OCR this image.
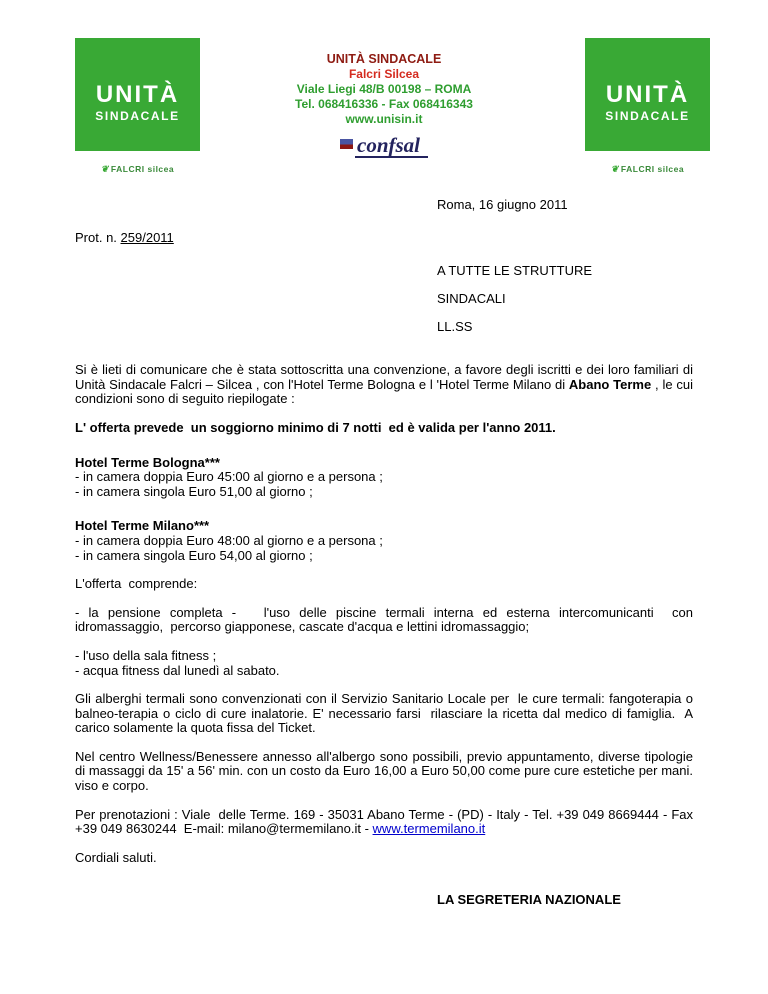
UNITÀ
SINDACALE
❦ FALCRI silcea
UNITÀ SINDACALE
Falcri Silcea
Viale Liegi 48/B 00198 – ROMA
Tel. 068416336 - Fax 068416343
www.unisin.it
confsal
UNITÀ
SINDACALE
❦ FALCRI silcea
Roma, 16 giugno 2011
Prot. n. 259/2011
A TUTTE LE STRUTTURE
SINDACALI
LL.SS

Si è lieti di comunicare che è stata sottoscritta una convenzione, a favore degli iscritti e dei loro familiari di Unità Sindacale Falcri – Silcea , con l'Hotel Terme Bologna e l 'Hotel Terme Milano di Abano Terme , le cui condizioni sono di seguito riepilogate :

L' offerta prevede  un soggiorno minimo di 7 notti  ed è valida per l'anno 2011.

Hotel Terme Bologna***
- in camera doppia Euro 45:00 al giorno e a persona ;
- in camera singola Euro 51,00 al giorno ;
Hotel Terme Milano***
- in camera doppia Euro 48:00 al giorno e a persona ;
- in camera singola Euro 54,00 al giorno ;

L'offerta  comprende:

- la pensione completa -   l'uso delle piscine termali interna ed esterna intercomunicanti  con idromassaggio,  percorso giapponese, cascate d'acqua e lettini idromassaggio;

- l'uso della sala fitness ;
- acqua fitness dal lunedì al sabato.

Gli alberghi termali sono convenzionati con il Servizio Sanitario Locale per  le cure termali: fangoterapia o balneo-terapia o ciclo di cure inalatorie. E' necessario farsi  rilasciare la ricetta dal medico di famiglia.  A carico solamente la quota fissa del Ticket.

Nel centro Wellness/Benessere annesso all'albergo sono possibili, previo appuntamento, diverse tipologie di massaggi da 15' a 56' min. con un costo da Euro 16,00 a Euro 50,00 come pure cure estetiche per mani. viso e corpo.

Per prenotazioni : Viale  delle Terme. 169 - 35031 Abano Terme - (PD) - Italy - Tel. +39 049 8669444 - Fax +39 049 8630244  E-mail: milano@termemilano.it - www.termemilano.it

Cordiali saluti.

LA SEGRETERIA NAZIONALE
